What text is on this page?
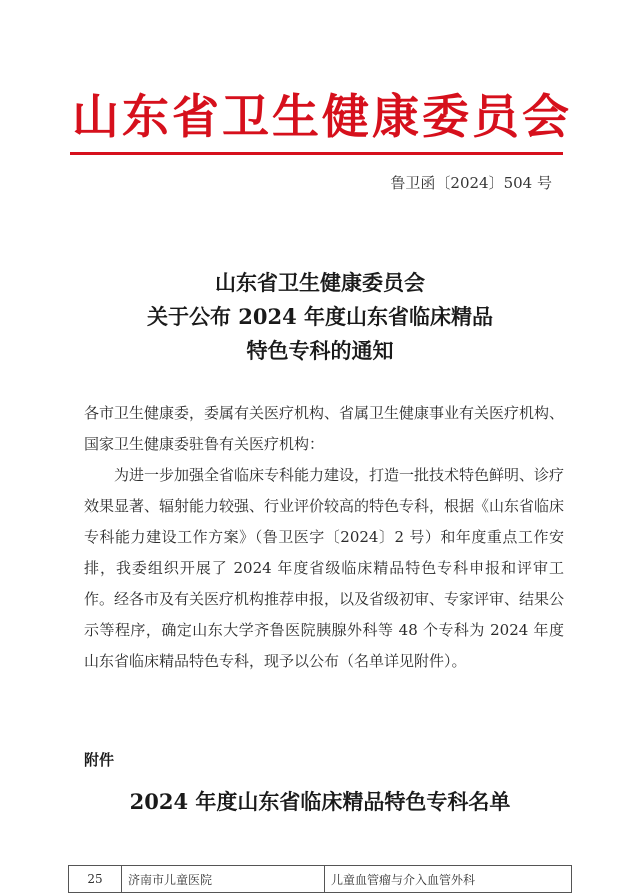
山东省卫生健康委员会
鲁卫函〔2024〕504 号
山东省卫生健康委员会
关于公布 2024 年度山东省临床精品
特色专科的通知

各市卫生健康委，委属有关医疗机构、省属卫生健康事业有关医疗机构、国家卫生健康委驻鲁有关医疗机构：

为进一步加强全省临床专科能力建设，打造一批技术特色鲜明、诊疗效果显著、辐射能力较强、行业评价较高的特色专科，根据《山东省临床专科能力建设工作方案》（鲁卫医字〔2024〕2 号）和年度重点工作安排，我委组织开展了 2024 年度省级临床精品特色专科申报和评审工作。经各市及有关医疗机构推荐申报，以及省级初审、专家评审、结果公示等程序，确定山东大学齐鲁医院胰腺外科等 48 个专科为 2024 年度山东省临床精品特色专科，现予以公布（名单详见附件）。

附件
2024 年度山东省临床精品特色专科名单
25	济南市儿童医院	儿童血管瘤与介入血管外科
